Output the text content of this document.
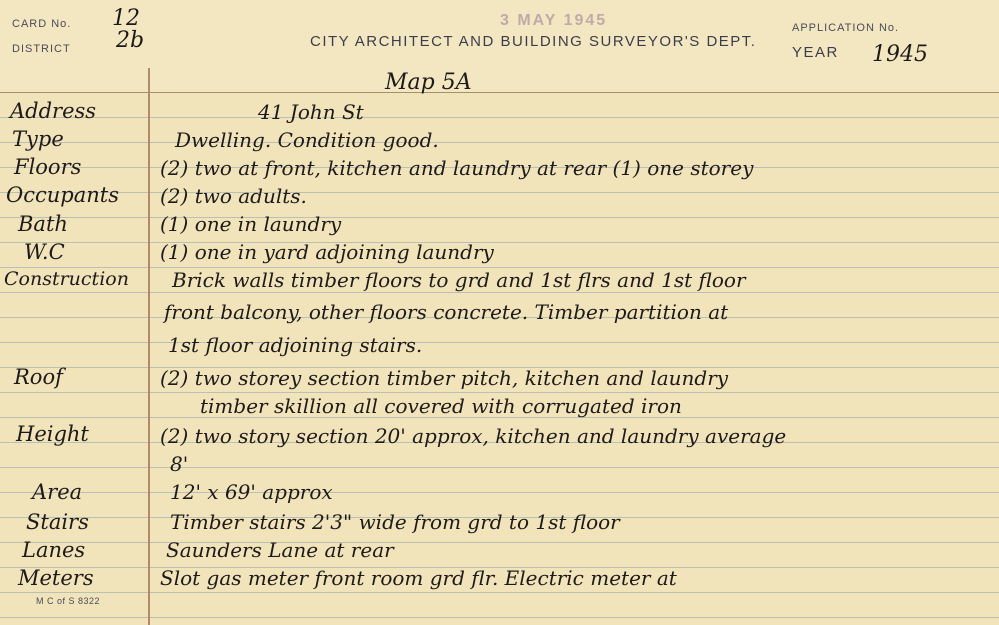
CARD No. 12
DISTRICT 2b
3 MAY 1945
CITY ARCHITECT AND BUILDING SURVEYOR'S DEPT.
APPLICATION No.
YEAR 1945
Map 5A
Address	41 John St
Type	Dwelling. Condition good.
Floors	(2) two at front, kitchen and laundry at rear (1) one storey
Occupants (2) two adults.
Bath	(1) one in laundry
W.C	(1) one in yard adjoining laundry
Construction Brick walls timber floors to grd and 1st flrs and 1st floor
front balcony, other floors concrete. Timber partition at
1st floor adjoining stairs.
Roof	(2) two storey section timber pitch, kitchen and laundry
timber skillion all covered with corrugated iron
Height	(2) two story section 20' approx, kitchen and laundry average
8'
Area	12' x 69' approx
Stairs	Timber stairs 2'3" wide from grd to 1st floor
Lanes	Saunders Lane at rear
Meters	Slot gas meter front room grd flr. Electric meter at
M C of S 8322
